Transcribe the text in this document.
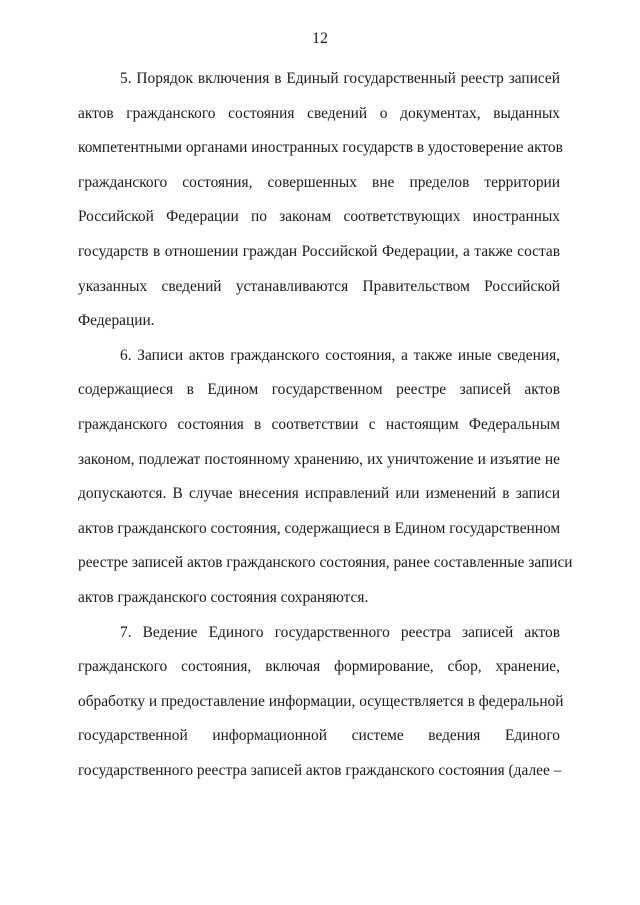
12

5. Порядок включения в Единый государственный реестр записей
актов гражданского состояния сведений о документах, выданных
компетентными органами иностранных государств в удостоверение актов
гражданского состояния, совершенных вне пределов территории
Российской Федерации по законам соответствующих иностранных
государств в отношении граждан Российской Федерации, а также состав
указанных сведений устанавливаются Правительством Российской
Федерации.

6. Записи актов гражданского состояния, а также иные сведения,
содержащиеся в Едином государственном реестре записей актов
гражданского состояния в соответствии с настоящим Федеральным
законом, подлежат постоянному хранению, их уничтожение и изъятие не
допускаются. В случае внесения исправлений или изменений в записи
актов гражданского состояния, содержащиеся в Едином государственном
реестре записей актов гражданского состояния, ранее составленные записи
актов гражданского состояния сохраняются.

7. Ведение Единого государственного реестра записей актов
гражданского состояния, включая формирование, сбор, хранение,
обработку и предоставление информации, осуществляется в федеральной
государственной информационной системе ведения Единого
государственного реестра записей актов гражданского состояния (далее –
